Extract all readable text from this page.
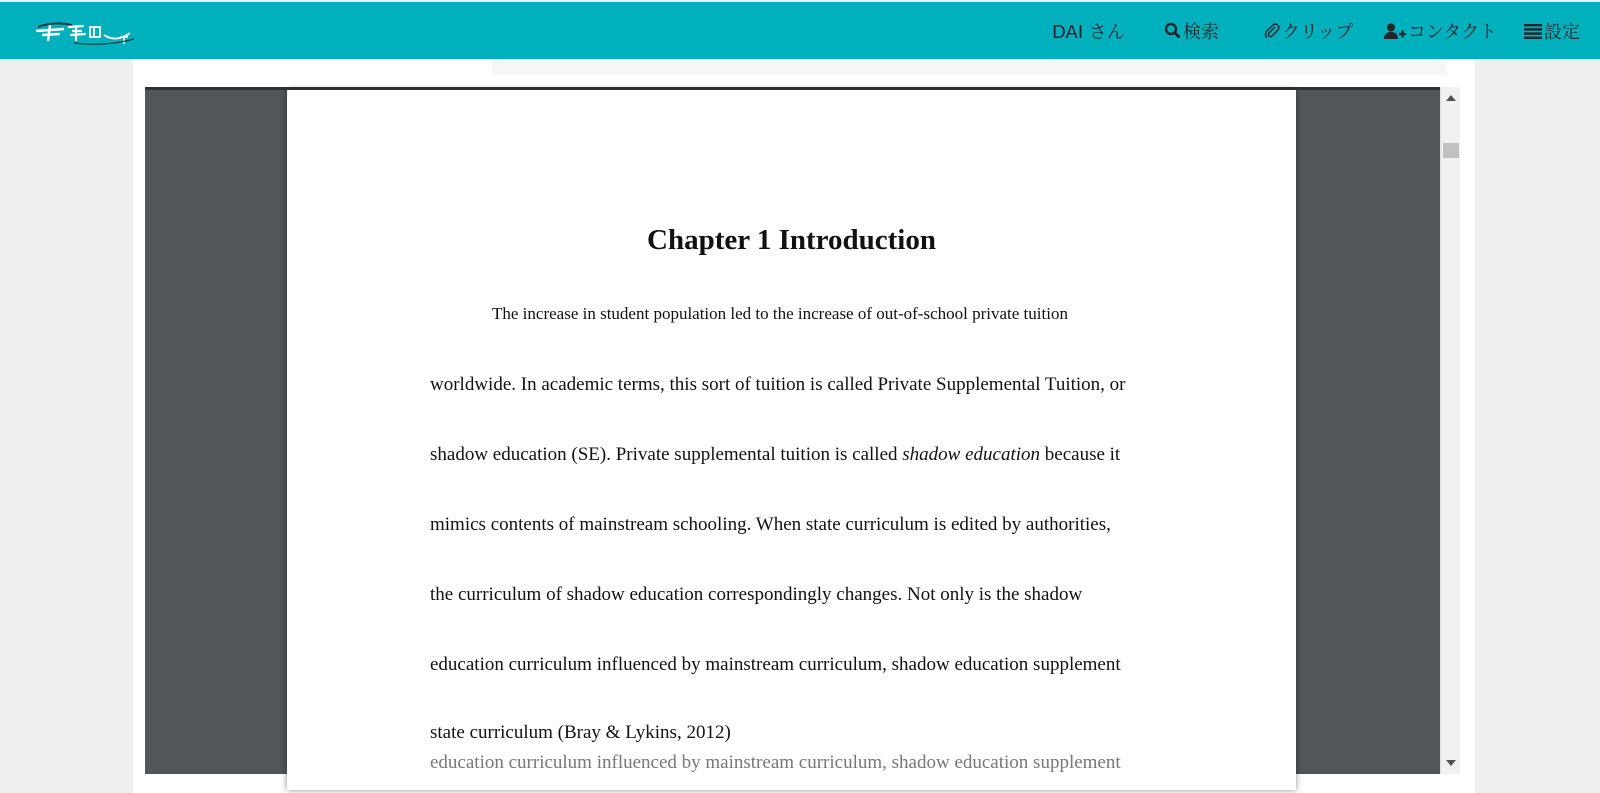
DAI さん	検索	クリップ	コンタクト	設定
Chapter 1 Introduction
The increase in student population led to the increase of out-of-school private tuition
worldwide. In academic terms, this sort of tuition is called Private Supplemental Tuition, or
shadow education (SE). Private supplemental tuition is called shadow education because it
mimics contents of mainstream schooling. When state curriculum is edited by authorities,
the curriculum of shadow education correspondingly changes. Not only is the shadow
education curriculum influenced by mainstream curriculum, shadow education supplement
state curriculum (Bray & Lykins, 2012)
education curriculum influenced by mainstream curriculum, shadow education supplement
